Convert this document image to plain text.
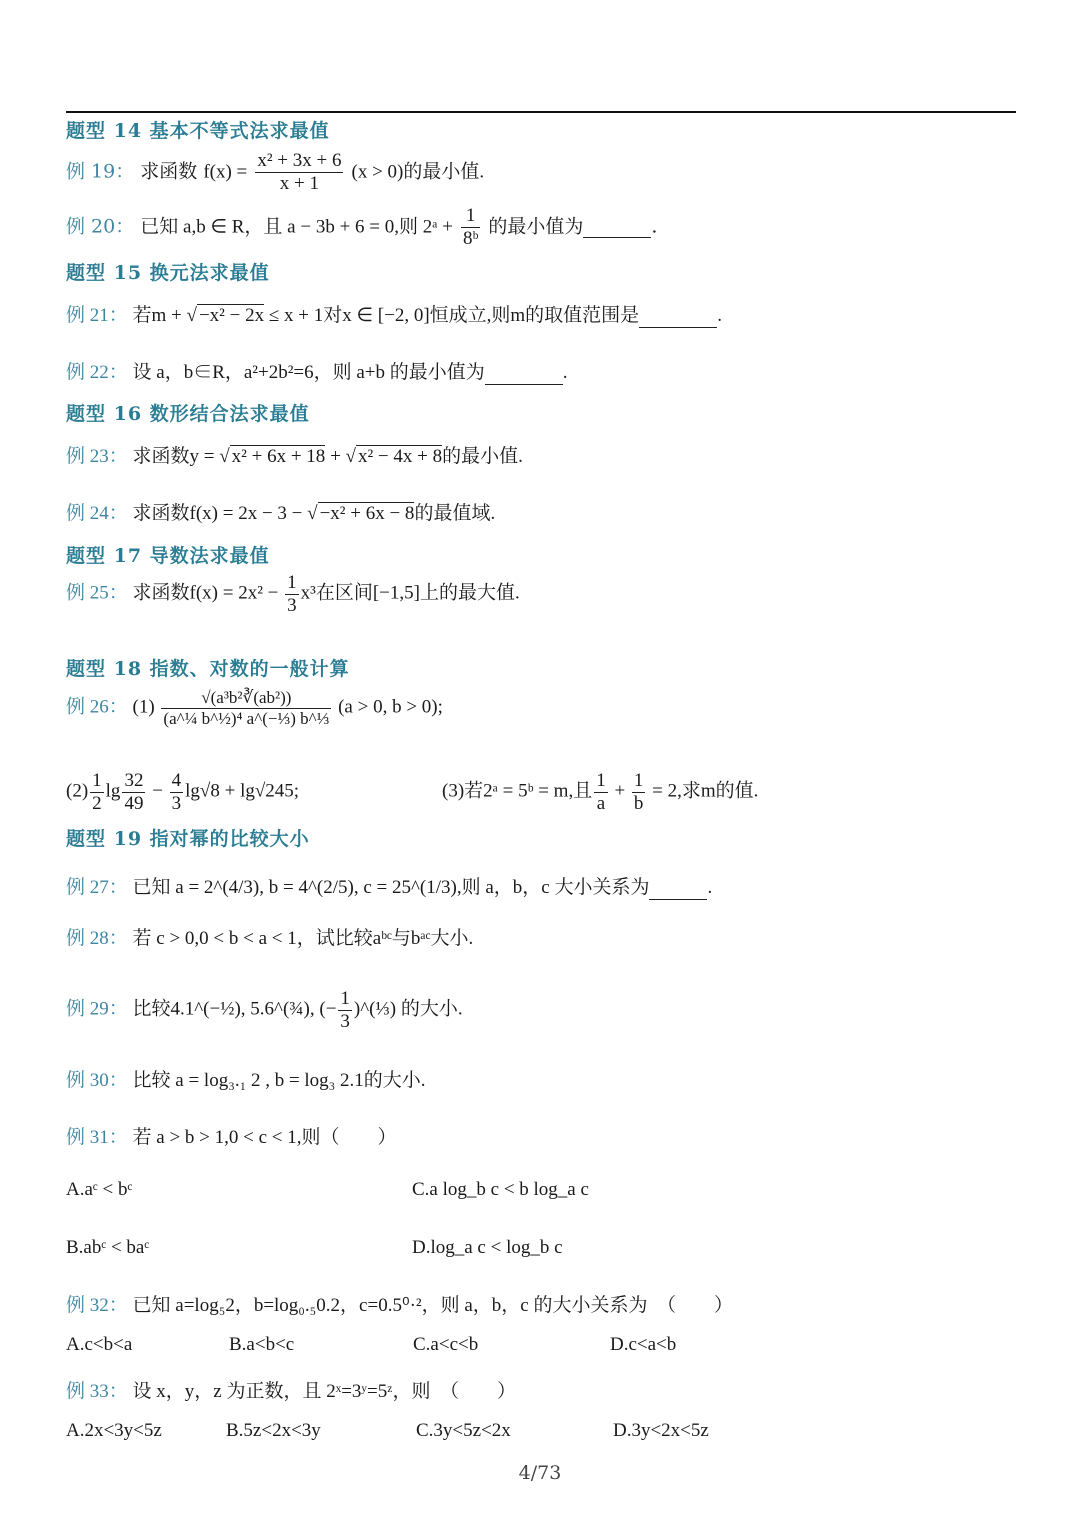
题型 14 基本不等式法求最值
例 19： 求函数 $f(x) = \frac{\text{x² + 3x + 6}}{x + 1} (x > 0)$的最小值.
例 20： 已知 a,b ∈ R，且 a − 3b + 6 = 0,则 2ᵃ + $\frac{1}{\text{8ᵇ}}$ 的最小值为	.
题型 15 换元法求最值
例 21： 若m + √ −x² − 2x ≤ x + 1对x ∈ [−2, 0]恒成立,则m的取值范围是	.
例 22： 设 a，b∈R，a²+2b²=6，则 a+b 的最小值为	.
题型 16 数形结合法求最值
例 23： 求函数y = √ x² + 6x + 18 + √ x² − 4x + 8的最小值.
例 24： 求函数f(x) = 2x − 3 − √ −x² + 6x − 8的最值域.
题型 17 导数法求最值
例 25： 求函数$f(x) = 2x^2 - \frac{1}{3} x^3$在区间[−1,5]上的最大值.
题型 18 指数、对数的一般计算
例 26： $(1) \frac{\text{√(a³b²∛(ab²))}}{\text{(a\textasciicircum{}¼ b\textasciicircum{}½)⁴ a\textasciicircum{}(−⅓) b\textasciicircum{}⅓}} (a > 0$, b > 0);
$(2) \frac{1}{2}$ $\lg \frac{32}{49} - \frac{4}{3} \lg√8 + \lg√245$;	(3)若2ᵃ = 5ᵇ = m,且 $\frac{1}{a} + \frac{1}{b} = 2$,求m的值.
题型 19 指对幂的比较大小
例 27： 已知 a = 2^(4/3), b = 4^(2/5), c = 25^(1/3),则 a，b，c 大小关系为	.
例 28： 若 c > 0,0 < b < a < 1，试比较aᵇᶜ与bᵃᶜ大小.
例 29： 比较4.1^(−½), 5.6^(¾), (− $\frac{1}{3}$ )^(⅓) 的大小.
例 30： 比较 a = log₃.₁ 2 , b = log₃ 2.1的大小.
例 31： 若 a > b > 1,0 < c < 1,则（　　）
A.aᶜ < bᶜ	C.a log_b c < b log_a c
B.abᶜ < baᶜ	D.log_a c < log_b c
例 32： 已知 a=log₅2，b=log₀.₅0.2，c=0.5⁰·²，则 a，b，c 的大小关系为　（　　）
A.c<b<a	B.a<b<c	C.a<c<b	D.c<a<b
例 33： 设 x，y，z 为正数，且 2ˣ=3ʸ=5ᶻ，则　（　　）
A.2x<3y<5z	B.5z<2x<3y	C.3y<5z<2x	D.3y<2x<5z
4/73
